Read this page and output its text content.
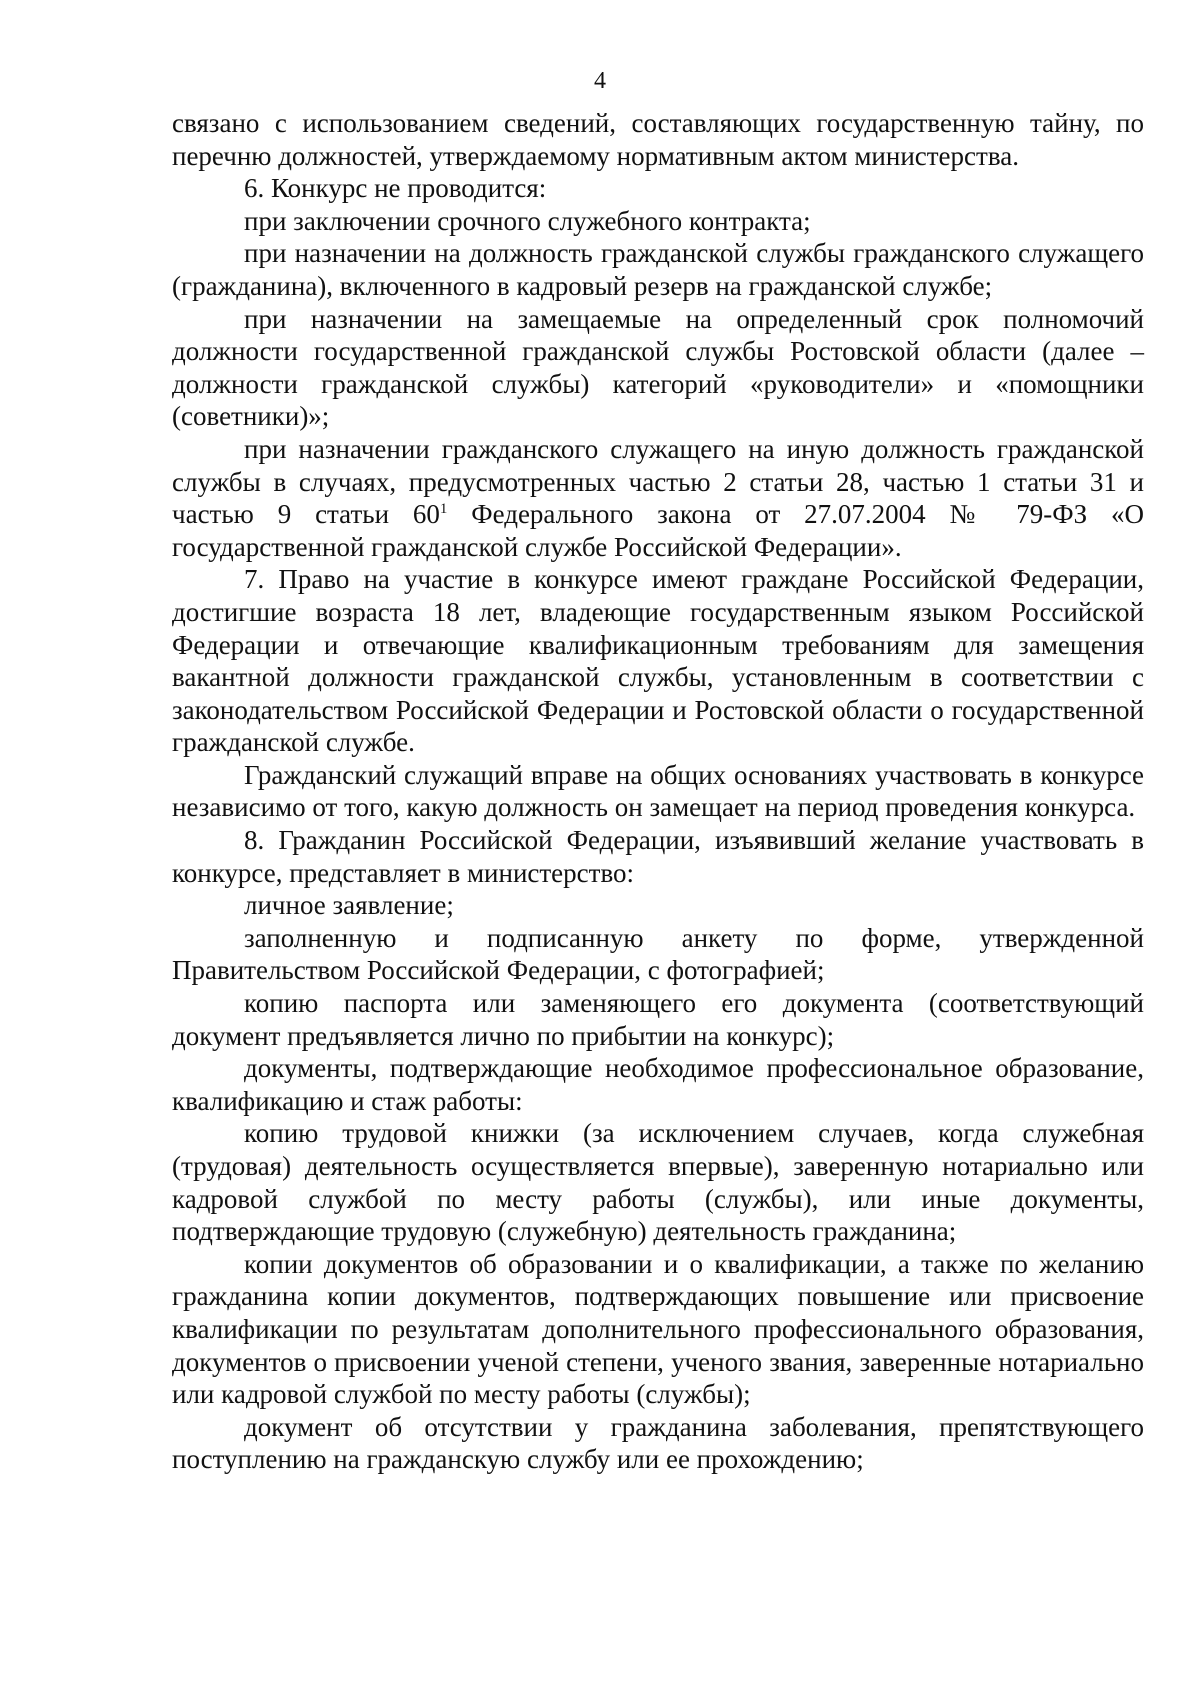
4

связано с использованием сведений, составляющих государственную тайну, по перечню должностей, утверждаемому нормативным актом министерства.

6. Конкурс не проводится:

при заключении срочного служебного контракта;

при назначении на должность гражданской службы гражданского служащего (гражданина), включенного в кадровый резерв на гражданской службе;

при назначении на замещаемые на определенный срок полномочий должности государственной гражданской службы Ростовской области (далее – должности гражданской службы) категорий «руководители» и «помощники (советники)»;

при назначении гражданского служащего на иную должность гражданской службы в случаях, предусмотренных частью 2 статьи 28, частью 1 статьи 31 и частью 9 статьи 60$^1$ Федерального закона от 27.07.2004 № 79-ФЗ «О государственной гражданской службе Российской Федерации».

7. Право на участие в конкурсе имеют граждане Российской Федерации, достигшие возраста 18 лет, владеющие государственным языком Российской Федерации и отвечающие квалификационным требованиям для замещения вакантной должности гражданской службы, установленным в соответствии с законодательством Российской Федерации и Ростовской области о государственной гражданской службе.

Гражданский служащий вправе на общих основаниях участвовать в конкурсе независимо от того, какую должность он замещает на период проведения конкурса.

8. Гражданин Российской Федерации, изъявивший желание участвовать в конкурсе, представляет в министерство:

личное заявление;

заполненную и подписанную анкету по форме, утвержденной Правительством Российской Федерации, с фотографией;

копию паспорта или заменяющего его документа (соответствующий документ предъявляется лично по прибытии на конкурс);

документы, подтверждающие необходимое профессиональное образование, квалификацию и стаж работы:

копию трудовой книжки (за исключением случаев, когда служебная (трудовая) деятельность осуществляется впервые), заверенную нотариально или кадровой службой по месту работы (службы), или иные документы, подтверждающие трудовую (служебную) деятельность гражданина;

копии документов об образовании и о квалификации, а также по желанию гражданина копии документов, подтверждающих повышение или присвоение квалификации по результатам дополнительного профессионального образования, документов о присвоении ученой степени, ученого звания, заверенные нотариально или кадровой службой по месту работы (службы);

документ об отсутствии у гражданина заболевания, препятствующего поступлению на гражданскую службу или ее прохождению;
